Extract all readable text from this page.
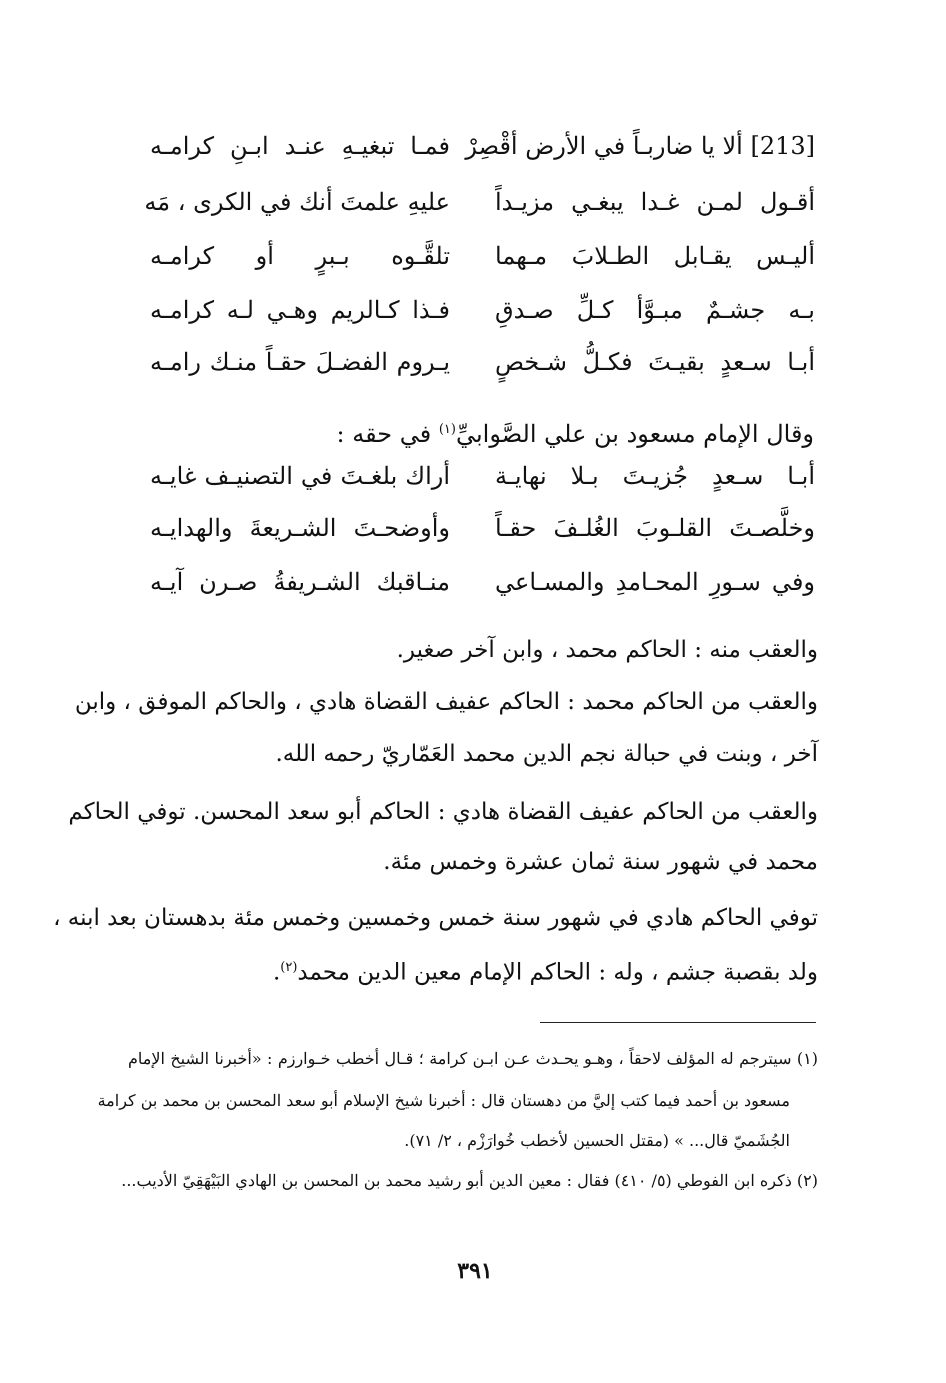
[213] ألا يا ضاربـاً في الأرض أقْصِرْ
فمـا تبغيـهِ عنـد ابـنِ كرامـه
أقـول لمـن غـدا يبغـي مزيـداً
عليهِ علمتَ أنك في الكرى ، مَه
أليـس يقـابل الطـلابَ مـهما
تلقَّـوه بـبرٍ أو كرامـه
بـه جشـمٌ مبـوَّأ كـلِّ صـدقِ
فـذا كـالريم وهـي لـه كرامـه
أبـا سـعدٍ بقيـتَ فكـلُّ شـخصٍ
يـروم الفضـلَ حقـاً منـك رامـه
وقال الإمام مسعود بن علي الصَّوابيِّ$^{(١)}$ في حقه :
أبـا سـعدٍ جُزيـتَ بـلا نهايـة
أراك بلغـتَ في التصنيـف غايـه
وخلَّصـتَ القلـوبَ الغُلـفَ حقـاً
وأوضحـتَ الشـريعةَ والهدايـه
وفي سـورِ المحـامدِ والمسـاعي
منـاقبك الشـريفةُ صـرن آيـه
والعقب منه : الحاكم محمد ، وابن آخر صغير.
والعقب من الحاكم محمد : الحاكم عفيف القضاة هادي ، والحاكم الموفق ، وابن
آخر ، وبنت في حبالة نجم الدين محمد العَمّاريّ رحمه الله.
والعقب من الحاكم عفيف القضاة هادي : الحاكم أبو سعد المحسن. توفي الحاكم
محمد في شهور سنة ثمان عشرة وخمس مئة.
توفي الحاكم هادي في شهور سنة خمس وخمسين وخمس مئة بدهستان بعد ابنه ،
ولد بقصبة جشم ، وله : الحاكم الإمام معين الدين محمد$^{(٢)}$.
(١) سيترجم له المؤلف لاحقاً ، وهـو يحـدث عـن ابـن كرامة ؛ قـال أخطب خـوارزم : «أخبرنا الشيخ الإمام
مسعود بن أحمد فيما كتب إليَّ من دهستان قال : أخبرنا شيخ الإسلام أبو سعد المحسن بن محمد بن كرامة
الجُشَميّ قال... » (مقتل الحسين لأخطب خُوارَزْم ، ٢/ ٧١).
(٢) ذكره ابن الفوطي (٥/ ٤١٠) فقال : معين الدين أبو رشيد محمد بن المحسن بن الهادي البَيْهَقِيّ الأديب...
٣٩١
